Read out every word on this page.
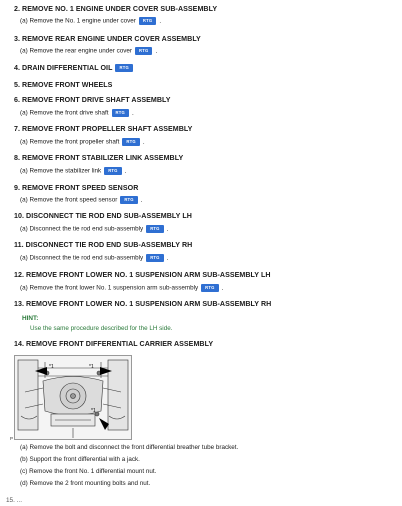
2. REMOVE NO. 1 ENGINE UNDER COVER SUB-ASSEMBLY
(a) Remove the No. 1 engine under cover RTG .
3. REMOVE REAR ENGINE UNDER COVER ASSEMBLY
(a) Remove the rear engine under cover RTG .
4. DRAIN DIFFERENTIAL OIL RTG
5. REMOVE FRONT WHEELS
6. REMOVE FRONT DRIVE SHAFT ASSEMBLY
(a) Remove the front drive shaft RTG .
7. REMOVE FRONT PROPELLER SHAFT ASSEMBLY
(a) Remove the front propeller shaft RTG .
8. REMOVE FRONT STABILIZER LINK ASSEMBLY
(a) Remove the stabilizer link RTG .
9. REMOVE FRONT SPEED SENSOR
(a) Remove the front speed sensor RTG .
10. DISCONNECT TIE ROD END SUB-ASSEMBLY LH
(a) Disconnect the tie rod end sub-assembly RTG .
11. DISCONNECT TIE ROD END SUB-ASSEMBLY RH
(a) Disconnect the tie rod end sub-assembly RTG .
12. REMOVE FRONT LOWER NO. 1 SUSPENSION ARM SUB-ASSEMBLY LH
(a) Remove the front lower No. 1 suspension arm sub-assembly RTG .
13. REMOVE FRONT LOWER NO. 1 SUSPENSION ARM SUB-ASSEMBLY RH
HINT:
Use the same procedure described for the LH side.
14. REMOVE FRONT DIFFERENTIAL CARRIER ASSEMBLY
*1	*1
*1
P
(a) Remove the bolt and disconnect the front differential breather tube bracket.
(b) Support the front differential with a jack.
(c) Remove the front No. 1 differential mount nut.
(d) Remove the 2 front mounting bolts and nut.
15. ...
